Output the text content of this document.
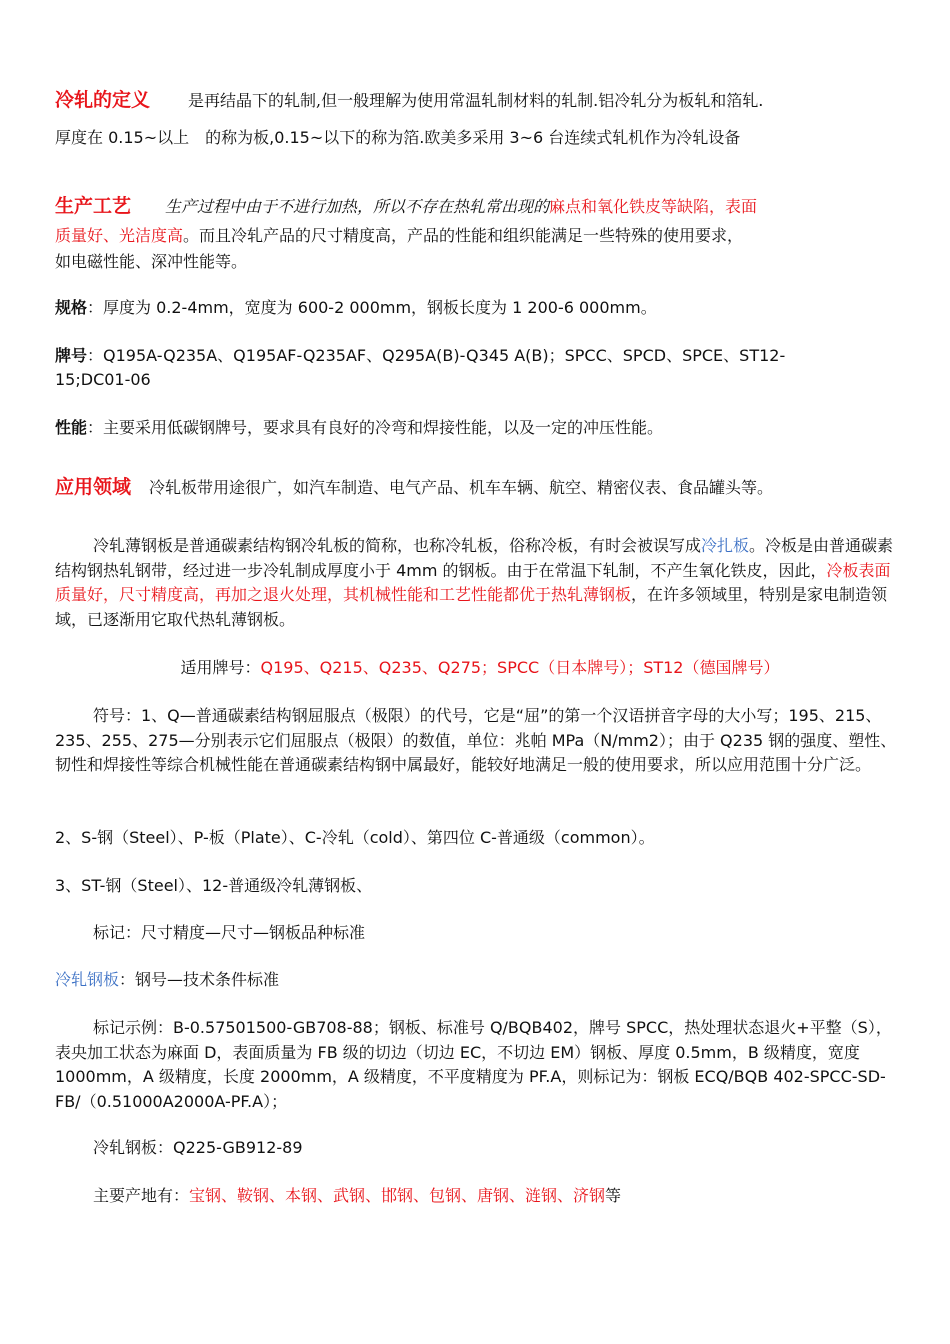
冷轧的定义 是再结晶下的轧制,但一般理解为使用常温轧制材料的轧制.铝冷轧分为板轧和箔轧.
厚度在 0.15~以上　的称为板,0.15~以下的称为箔.欧美多采用 3~6 台连续式轧机作为冷轧设备
生产工艺 生产过程中由于不进行加热，所以不存在热轧常出现的麻点和氧化铁皮等缺陷，表面
质量好、光洁度高。而且冷轧产品的尺寸精度高，产品的性能和组织能满足一些特殊的使用要求，
如电磁性能、深冲性能等。
规格：厚度为 0.2-4mm，宽度为 600-2 000mm，钢板长度为 1 200-6 000mm。
牌号：Q195A-Q235A、Q195AF-Q235AF、Q295A(B)-Q345 A(B)；SPCC、SPCD、SPCE、ST12-
15;DC01-06
性能：主要采用低碳钢牌号，要求具有良好的冷弯和焊接性能，以及一定的冲压性能。
应用领域 冷轧板带用途很广，如汽车制造、电气产品、机车车辆、航空、精密仪表、食品罐头等。
冷轧薄钢板是普通碳素结构钢冷轧板的简称，也称冷轧板，俗称冷板，有时会被误写成冷扎板。冷板是由普通碳素结构钢热轧钢带，经过进一步冷轧制成厚度小于 4mm 的钢板。由于在常温下轧制，不产生氧化铁皮，因此，冷板表面质量好，尺寸精度高，再加之退火处理，其机械性能和工艺性能都优于热轧薄钢板，在许多领域里，特别是家电制造领域，已逐渐用它取代热轧薄钢板。
适用牌号：Q195、Q215、Q235、Q275；SPCC（日本牌号）；ST12（德国牌号）
符号：1、Q—普通碳素结构钢屈服点（极限）的代号，它是“屈”的第一个汉语拼音字母的大小写；195、215、235、255、275—分别表示它们屈服点（极限）的数值，单位：兆帕 MPa（N/mm2）；由于 Q235 钢的强度、塑性、韧性和焊接性等综合机械性能在普通碳素结构钢中属最好，能较好地满足一般的使用要求，所以应用范围十分广泛。
2、S-钢（Steel）、P-板（Plate）、C-冷轧（cold）、第四位 C-普通级（common）。
3、ST-钢（Steel）、12-普通级冷轧薄钢板、
标记：尺寸精度—尺寸—钢板品种标准
冷轧钢板：钢号—技术条件标准
标记示例：B-0.57501500-GB708-88；钢板、标准号 Q/BQB402，牌号 SPCC，热处理状态退火+平整（S），表央加工状态为麻面 D，表面质量为 FB 级的切边（切边 EC，不切边 EM）钢板、厚度 0.5mm，B 级精度，宽度 1000mm，A 级精度，长度 2000mm，A 级精度，不平度精度为 PF.A，则标记为：钢板 ECQ/BQB 402-SPCC-SD-FB/（0.51000A2000A-PF.A）；
冷轧钢板：Q225-GB912-89
主要产地有：宝钢、鞍钢、本钢、武钢、邯钢、包钢、唐钢、涟钢、济钢等
